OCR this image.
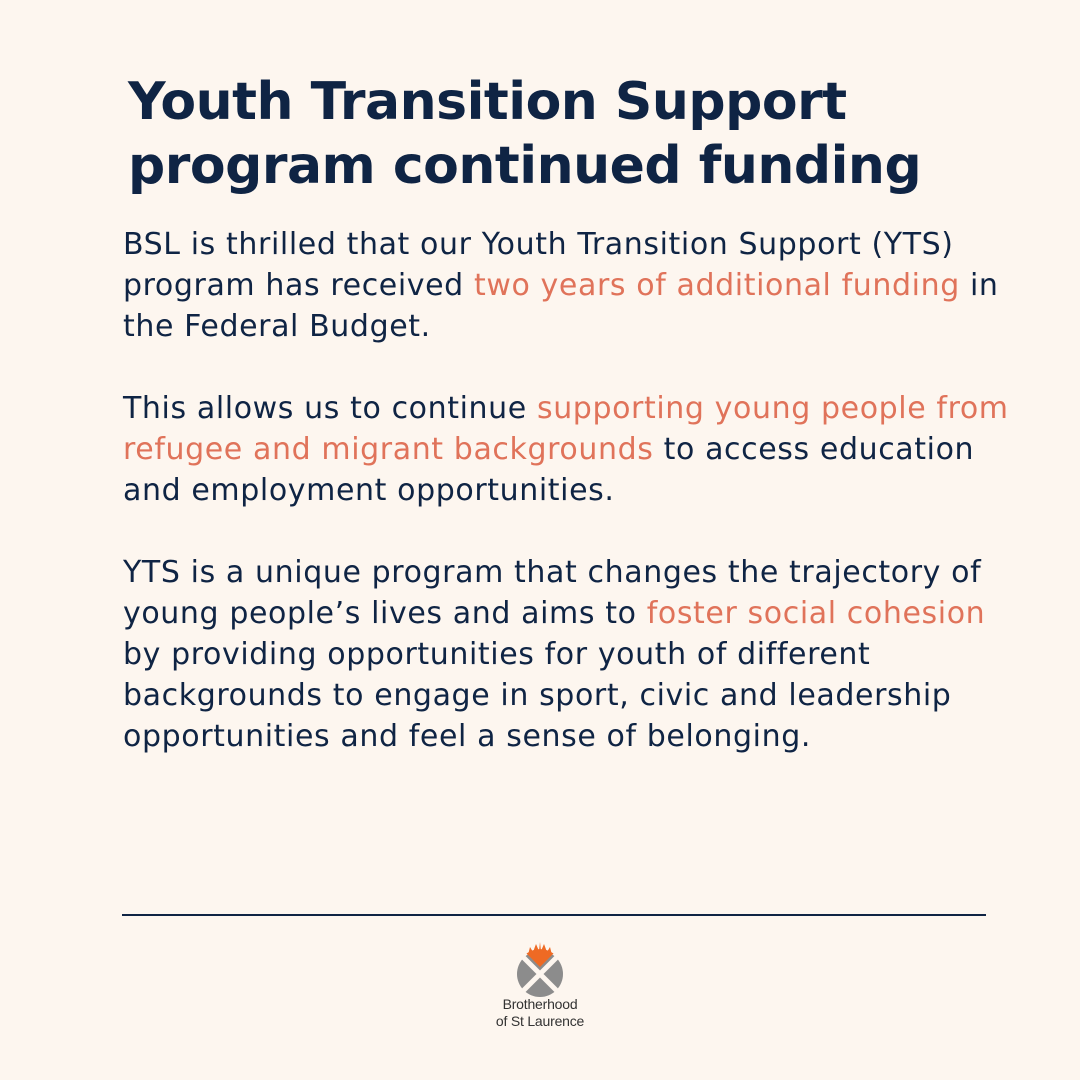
Youth Transition Support
program continued funding

BSL is thrilled that our Youth Transition Support (YTS) program has received two years of additional funding in the Federal Budget.

This allows us to continue supporting young people from refugee and migrant backgrounds to access education and employment opportunities.

YTS is a unique program that changes the trajectory of young people’s lives and aims to foster social cohesion by providing opportunities for youth of different backgrounds to engage in sport, civic and leadership opportunities and feel a sense of belonging.

Brotherhood
of St Laurence
